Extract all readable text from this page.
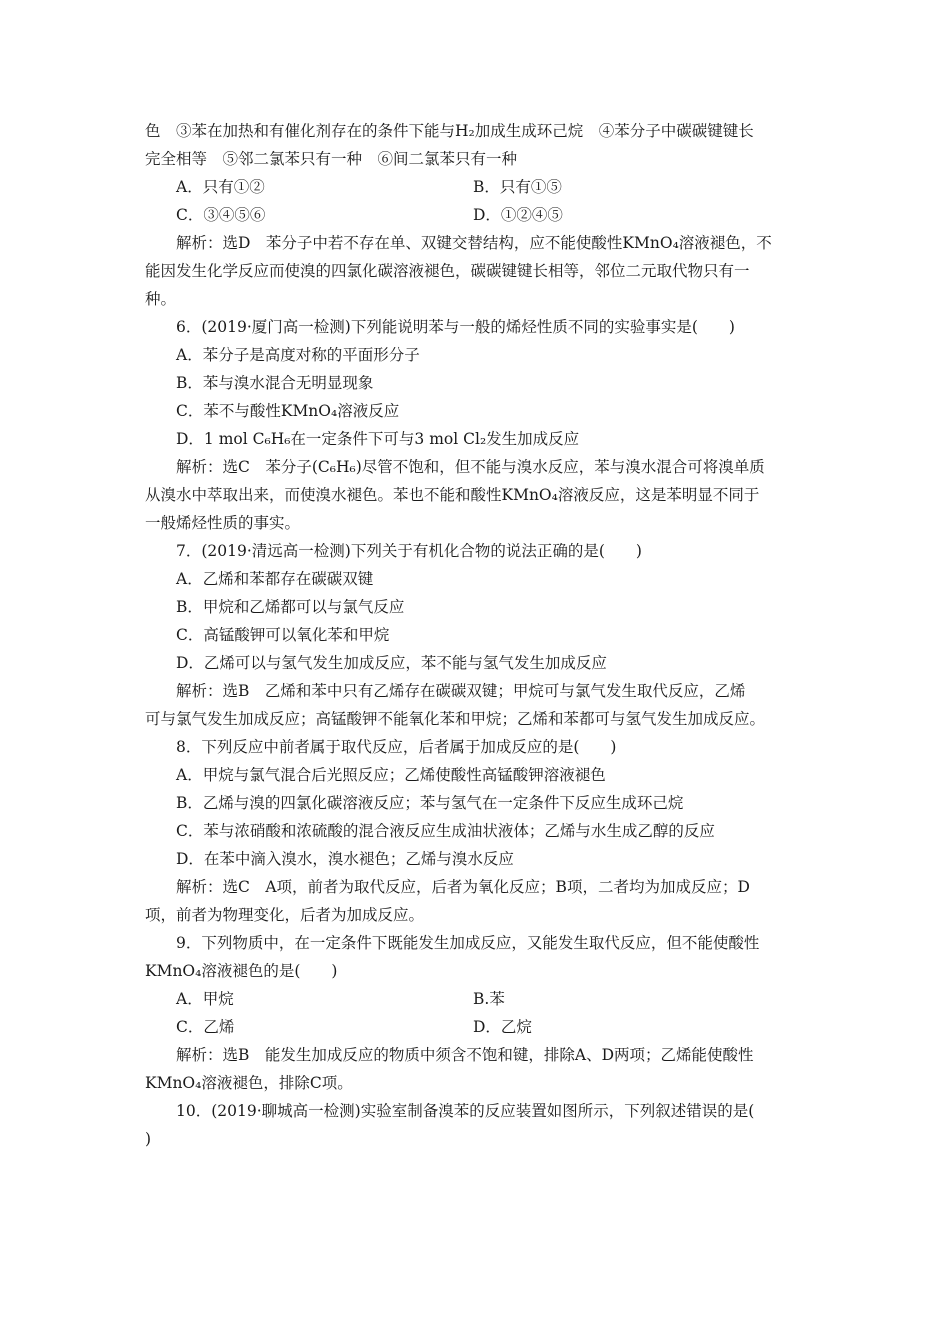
色　③苯在加热和有催化剂存在的条件下能与H₂加成生成环己烷　④苯分子中碳碳键键长
完全相等　⑤邻二氯苯只有一种　⑥间二氯苯只有一种
A．只有①②	B．只有①⑤
C．③④⑤⑥	D．①②④⑤
解析：选D　苯分子中若不存在单、双键交替结构，应不能使酸性KMnO₄溶液褪色，不
能因发生化学反应而使溴的四氯化碳溶液褪色，碳碳键键长相等，邻位二元取代物只有一
种。
6．(2019·厦门高一检测)下列能说明苯与一般的烯烃性质不同的实验事实是(　　)
A．苯分子是高度对称的平面形分子
B．苯与溴水混合无明显现象
C．苯不与酸性KMnO₄溶液反应
D．1 mol C₆H₆在一定条件下可与3 mol Cl₂发生加成反应
解析：选C　苯分子(C₆H₆)尽管不饱和，但不能与溴水反应，苯与溴水混合可将溴单质
从溴水中萃取出来，而使溴水褪色。苯也不能和酸性KMnO₄溶液反应，这是苯明显不同于
一般烯烃性质的事实。
7．(2019·清远高一检测)下列关于有机化合物的说法正确的是(　　)
A．乙烯和苯都存在碳碳双键
B．甲烷和乙烯都可以与氯气反应
C．高锰酸钾可以氧化苯和甲烷
D．乙烯可以与氢气发生加成反应，苯不能与氢气发生加成反应
解析：选B　乙烯和苯中只有乙烯存在碳碳双键；甲烷可与氯气发生取代反应，乙烯
可与氯气发生加成反应；高锰酸钾不能氧化苯和甲烷；乙烯和苯都可与氢气发生加成反应。
8．下列反应中前者属于取代反应，后者属于加成反应的是(　　)
A．甲烷与氯气混合后光照反应；乙烯使酸性高锰酸钾溶液褪色
B．乙烯与溴的四氯化碳溶液反应；苯与氢气在一定条件下反应生成环己烷
C．苯与浓硝酸和浓硫酸的混合液反应生成油状液体；乙烯与水生成乙醇的反应
D．在苯中滴入溴水，溴水褪色；乙烯与溴水反应
解析：选C　A项，前者为取代反应，后者为氧化反应；B项，二者均为加成反应；D
项，前者为物理变化，后者为加成反应。
9．下列物质中，在一定条件下既能发生加成反应，又能发生取代反应，但不能使酸性
KMnO₄溶液褪色的是(　　)
A．甲烷	B.苯
C．乙烯	D．乙烷
解析：选B　能发生加成反应的物质中须含不饱和键，排除A、D两项；乙烯能使酸性
KMnO₄溶液褪色，排除C项。
10．(2019·聊城高一检测)实验室制备溴苯的反应装置如图所示，下列叙述错误的是(
)
